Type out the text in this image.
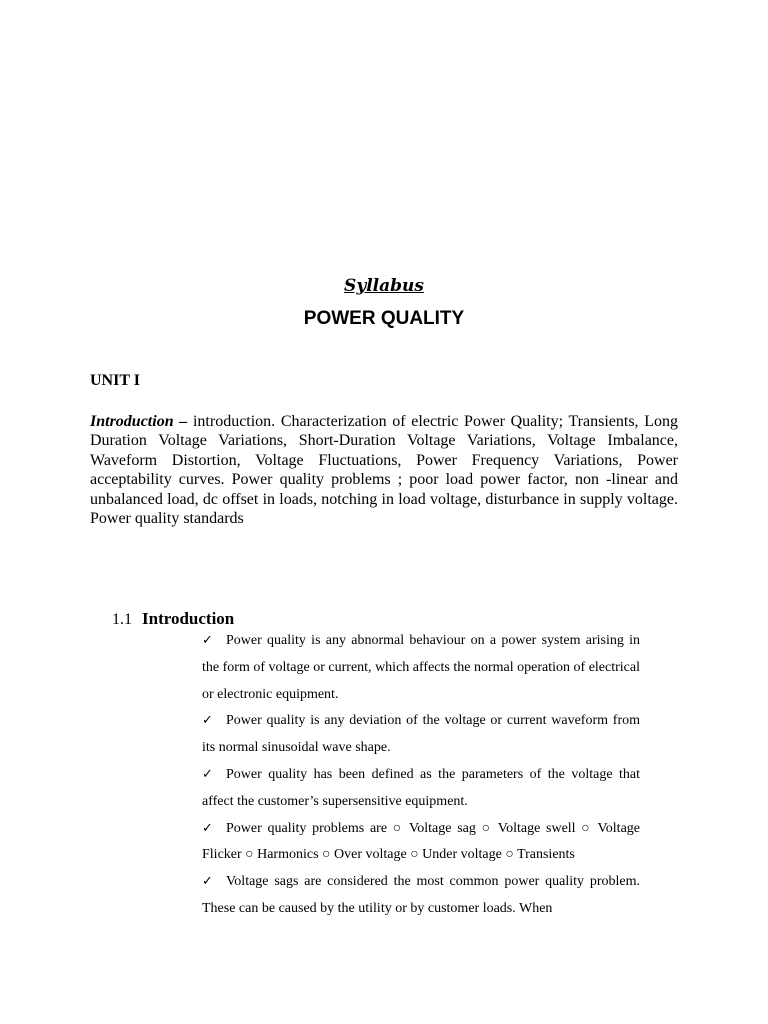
Syllabus
POWER QUALITY
UNIT I
Introduction – introduction. Characterization of electric Power Quality; Transients, Long Duration Voltage Variations, Short-Duration Voltage Variations, Voltage Imbalance, Waveform Distortion, Voltage Fluctuations, Power Frequency Variations, Power acceptability curves. Power quality problems ; poor load power factor, non -linear and unbalanced load, dc offset in loads, notching in load voltage, disturbance in supply voltage. Power quality standards
1.1 Introduction

✓ Power quality is any abnormal behaviour on a power system arising in the form of voltage or current, which affects the normal operation of electrical or electronic equipment.

✓ Power quality is any deviation of the voltage or current waveform from its normal sinusoidal wave shape.

✓ Power quality has been defined as the parameters of the voltage that affect the customer’s supersensitive equipment.

✓ Power quality problems are ○ Voltage sag ○ Voltage swell ○ Voltage Flicker ○ Harmonics ○ Over voltage ○ Under voltage ○ Transients

✓ Voltage sags are considered the most common power quality problem. These can be caused by the utility or by customer loads. When
